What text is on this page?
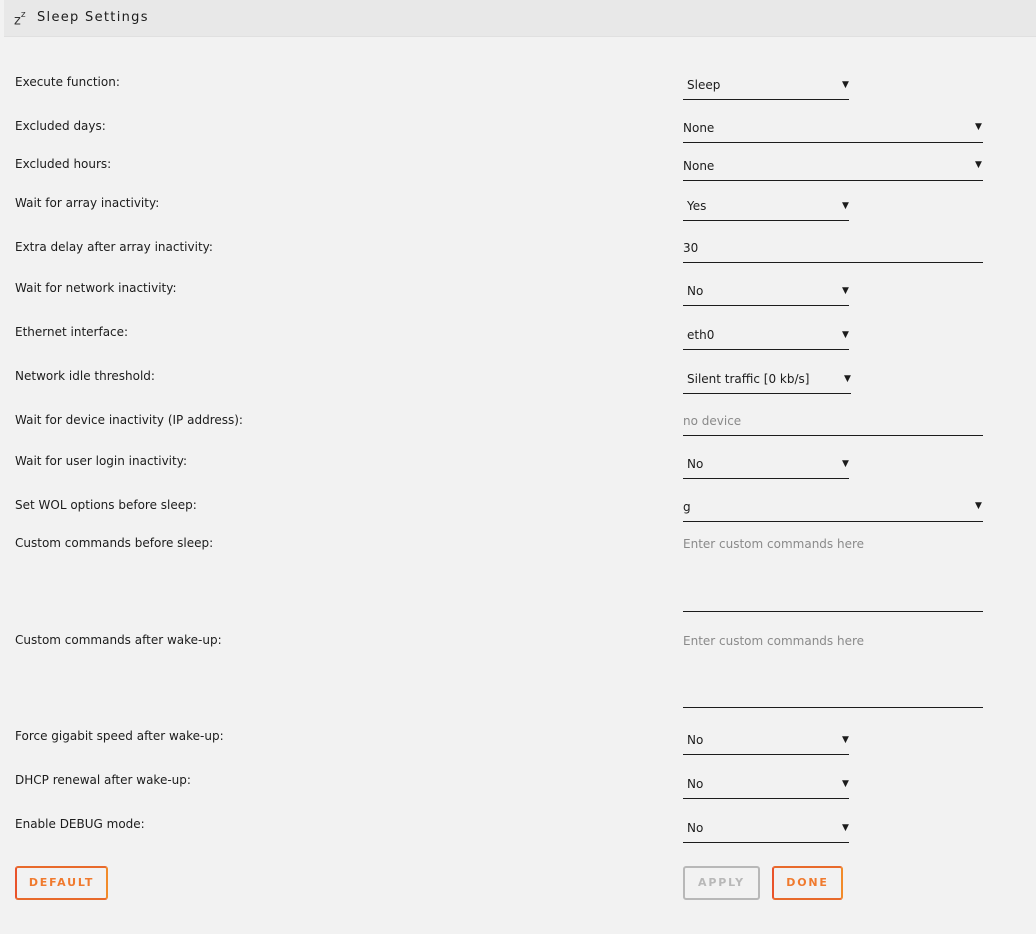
$z^z$ Sleep Settings
Execute function:	Sleep	▼
Excluded days:	None	▼
Excluded hours:	None	▼
Wait for array inactivity:	Yes	▼
Extra delay after array inactivity:	30
Wait for network inactivity:	No	▼
Ethernet interface:	eth0	▼
Network idle threshold:	Silent traffic [0 kb/s]	▼
Wait for device inactivity (IP address):	no device
Wait for user login inactivity:	No	▼
Set WOL options before sleep:	g	▼
Custom commands before sleep:	Enter custom commands here
Custom commands after wake-up:	Enter custom commands here
Force gigabit speed after wake-up:	No	▼
DHCP renewal after wake-up:	No	▼
Enable DEBUG mode:	No	▼
DEFAULT	APPLY	DONE
